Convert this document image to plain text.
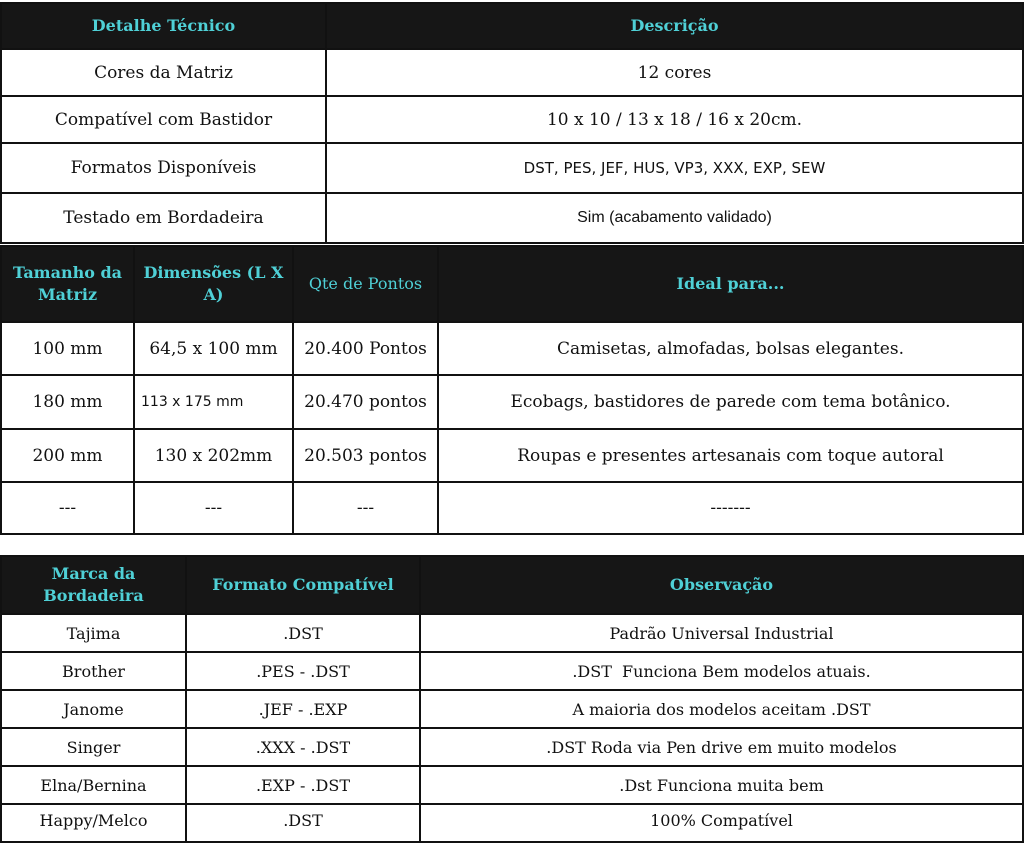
Detalhe Técnico	Descrição
Cores da Matriz	12 cores
Compatível com Bastidor	10 x 10 / 13 x 18 / 16 x 20cm.
Formatos Disponíveis	DST, PES, JEF, HUS, VP3, XXX, EXP, SEW
Testado em Bordadeira	Sim (acabamento validado)
Tamanho da Matriz	Dimensões (L X A)	Qte de Pontos	Ideal para...
100 mm	64,5 x 100 mm	20.400 Pontos	Camisetas, almofadas, bolsas elegantes.
180 mm	113 x 175 mm	20.470 pontos	Ecobags, bastidores de parede com tema botânico.
200 mm	130 x 202mm	20.503 pontos	Roupas e presentes artesanais com toque autoral
---	---	---	-------
Marca da Bordadeira	Formato Compatível	Observação
Tajima	.DST	Padrão Universal Industrial
Brother	.PES - .DST	.DST  Funciona Bem modelos atuais.
Janome	.JEF - .EXP	A maioria dos modelos aceitam .DST
Singer	.XXX - .DST	.DST Roda via Pen drive em muito modelos
Elna/Bernina	.EXP - .DST	.Dst Funciona muita bem
Happy/Melco	.DST	100% Compatível
